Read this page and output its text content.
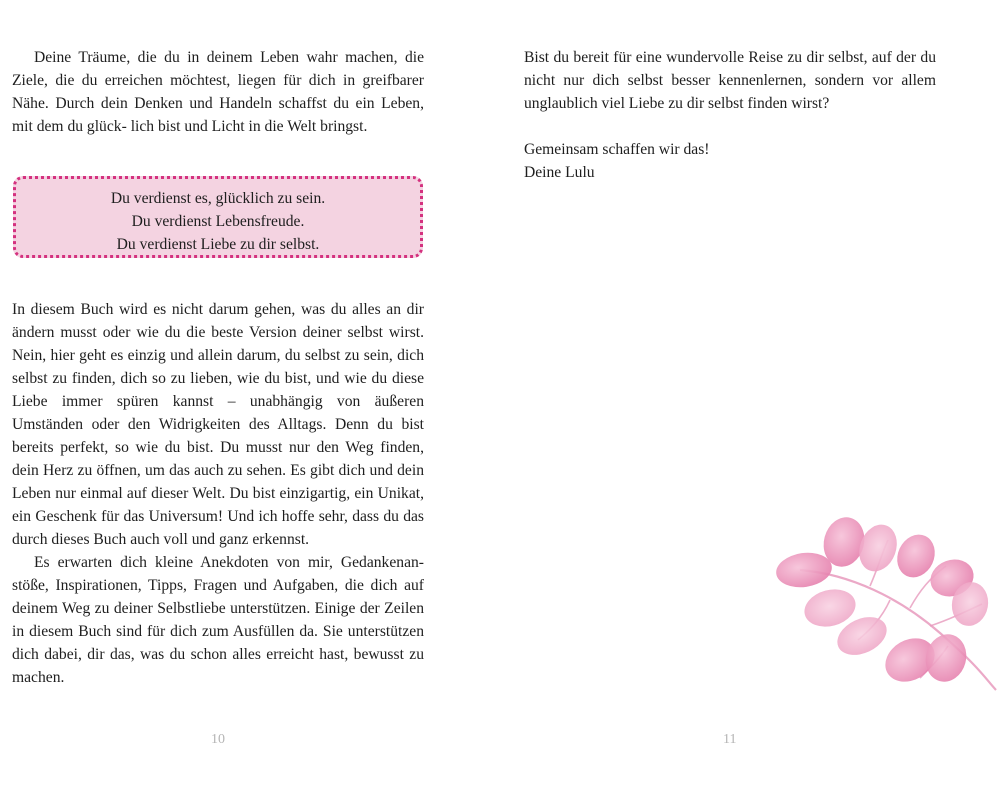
Deine Träume, die du in deinem Leben wahr machen, die Ziele, die du erreichen möchtest, liegen für dich in greifbarer Nähe. Durch dein Denken und Handeln schaffst du ein Leben, mit dem du glück- lich bist und Licht in die Welt bringst.

Du verdienst es, glücklich zu sein.
Du verdienst Lebensfreude.
Du verdienst Liebe zu dir selbst.

In diesem Buch wird es nicht darum gehen, was du alles an dir ändern musst oder wie du die beste Version deiner selbst wirst. Nein, hier geht es einzig und allein darum, du selbst zu sein, dich selbst zu finden, dich so zu lieben, wie du bist, und wie du diese Liebe immer spüren kannst – unabhängig von äußeren Umständen oder den Widrigkeiten des Alltags. Denn du bist bereits perfekt, so wie du bist. Du musst nur den Weg finden, dein Herz zu öffnen, um das auch zu sehen. Es gibt dich und dein Leben nur einmal auf dieser Welt. Du bist einzigartig, ein Unikat, ein Geschenk für das Universum! Und ich hoffe sehr, dass du das durch dieses Buch auch voll und ganz erkennst.

Es erwarten dich kleine Anekdoten von mir, Gedankenanstöße, Inspirationen, Tipps, Fragen und Aufgaben, die dich auf deinem Weg zu deiner Selbstliebe unterstützen. Einige der Zeilen in diesem Buch sind für dich zum Ausfüllen da. Sie unterstützen dich dabei, dir das, was du schon alles erreicht hast, bewusst zu machen.

10

Bist du bereit für eine wundervolle Reise zu dir selbst, auf der du nicht nur dich selbst besser kennenlernen, sondern vor allem unglaublich viel Liebe zu dir selbst finden wirst?

Gemeinsam schaffen wir das!

Deine Lulu

11
